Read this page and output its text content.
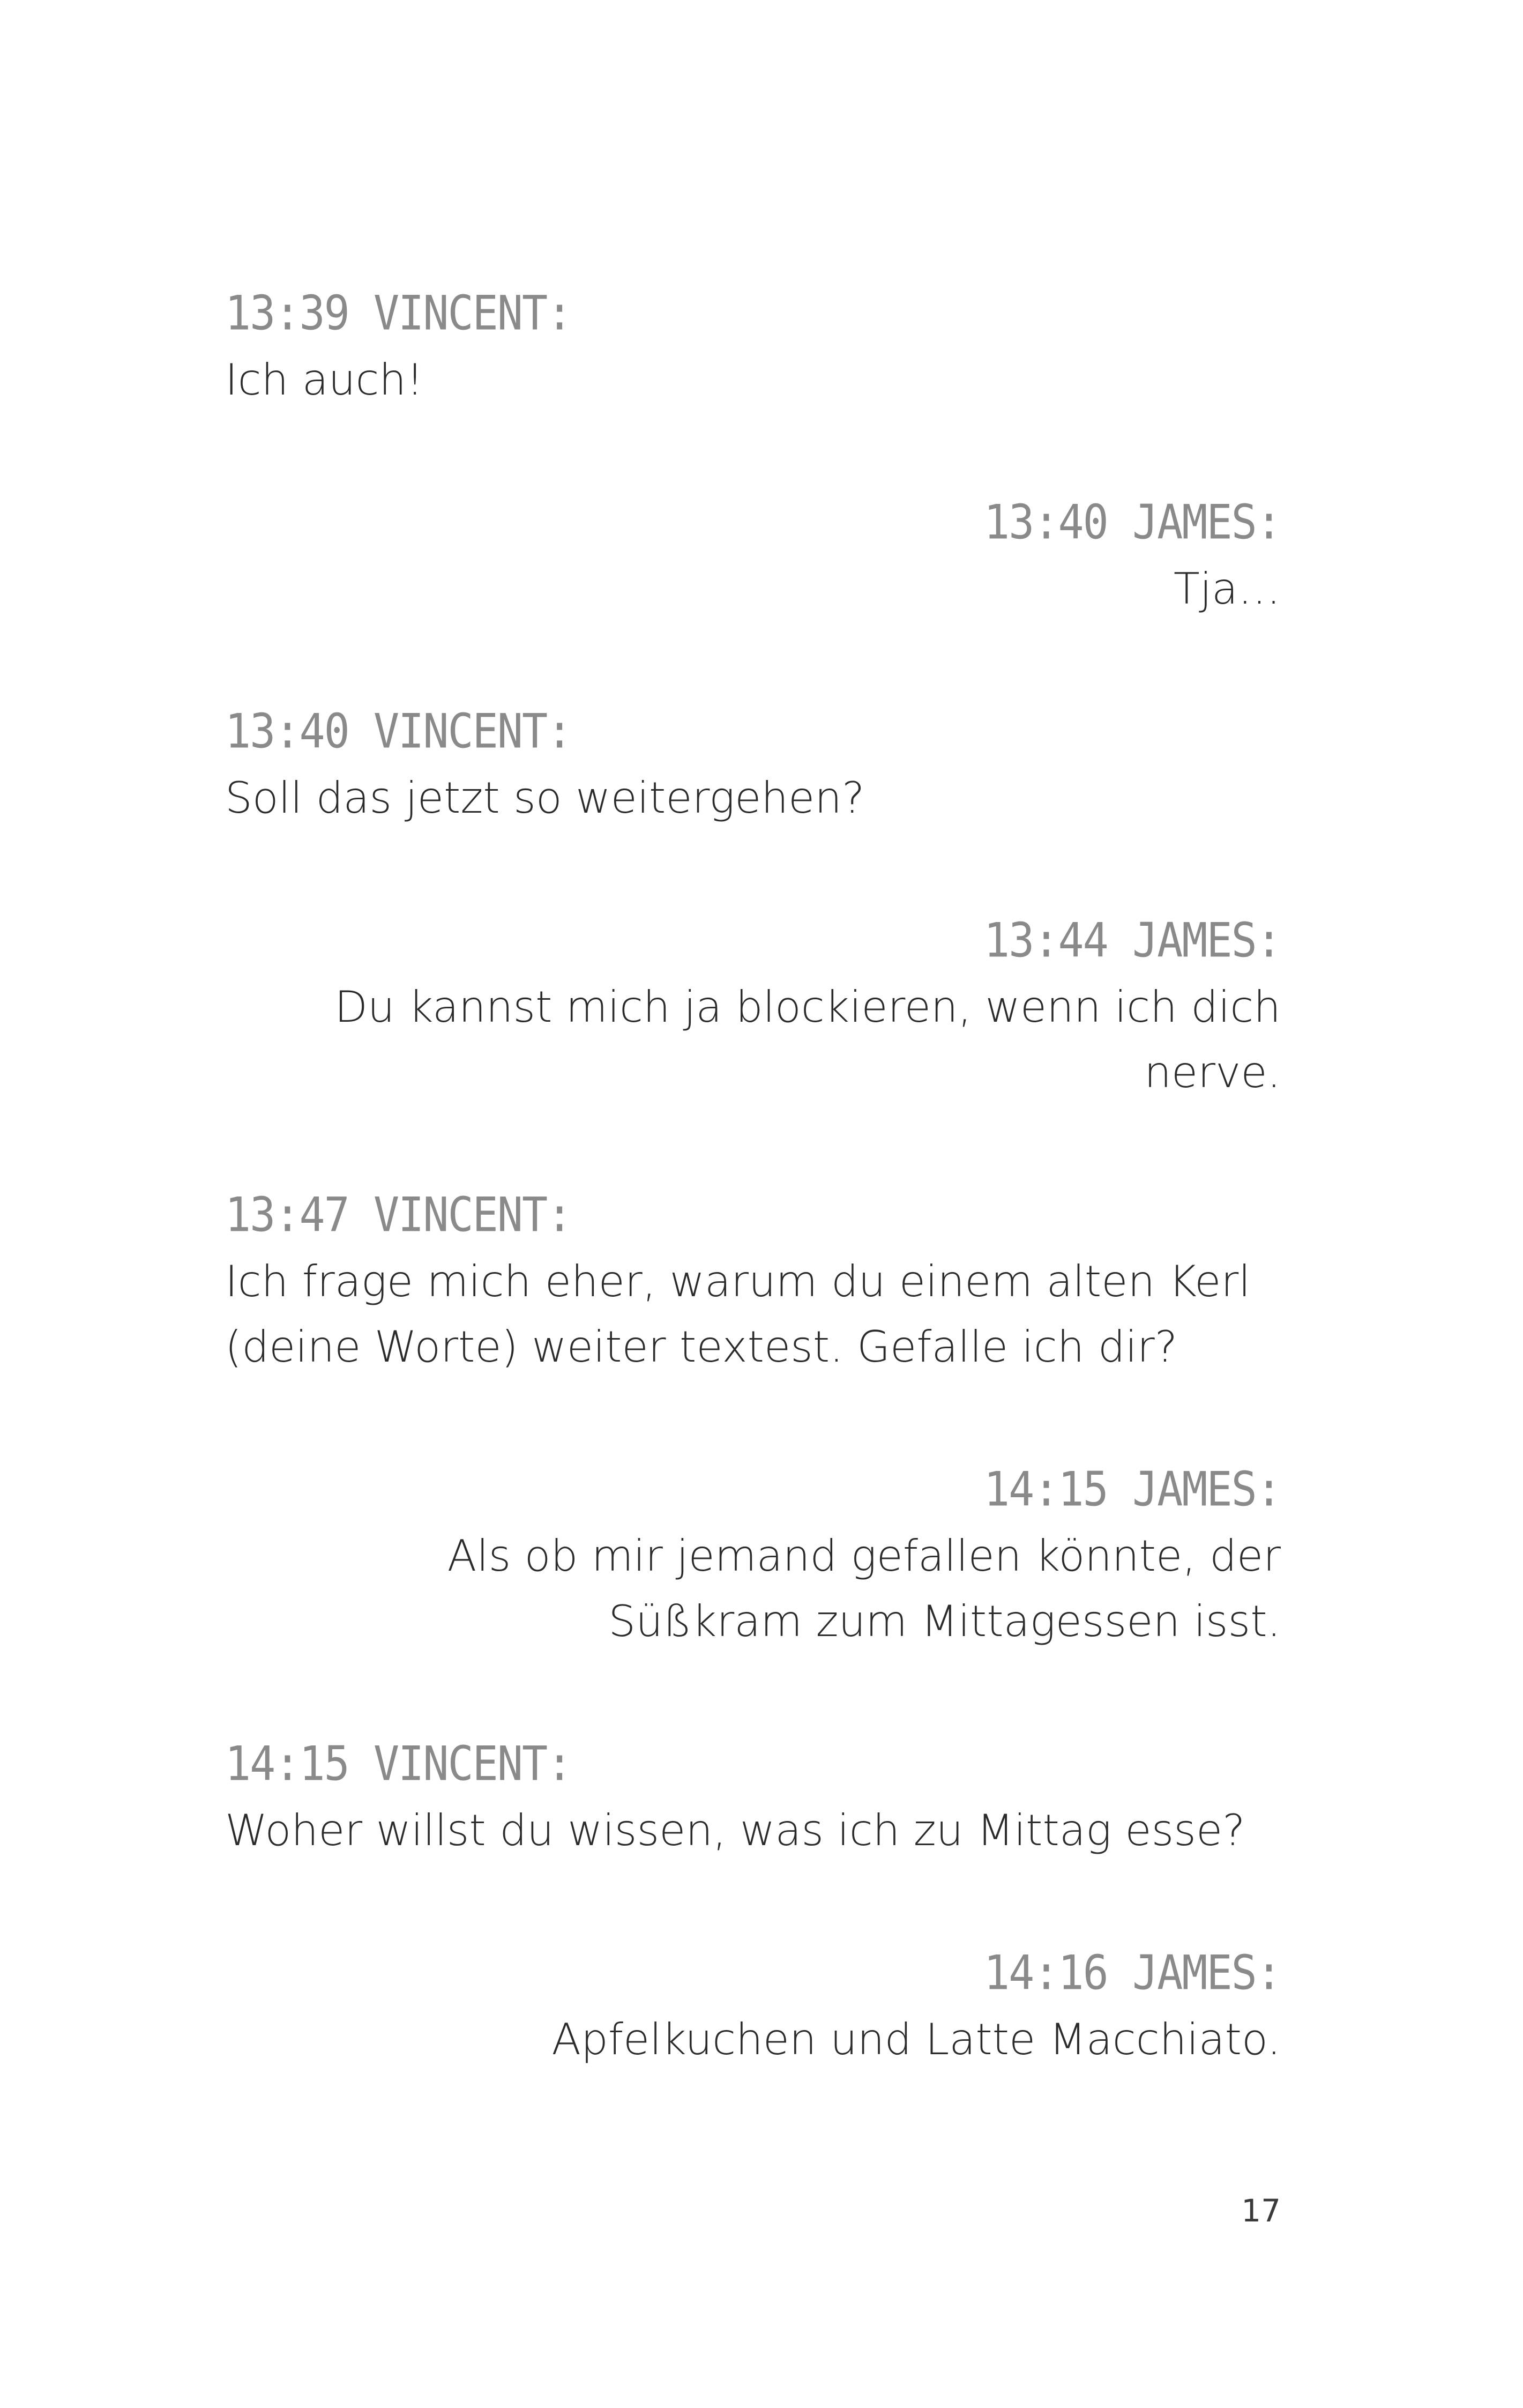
13:39 VINCENT:
Ich auch!
13:40 JAMES:
Tja…
13:40 VINCENT:
Soll das jetzt so weitergehen?
13:44 JAMES:
Du kannst mich ja blockieren, wenn ich dich nerve.
13:47 VINCENT:
Ich frage mich eher, warum du einem alten Kerl (deine Worte) weiter textest. Gefalle ich dir?
14:15 JAMES:
Als ob mir jemand gefallen könnte, der Süßkram zum Mittagessen isst.
14:15 VINCENT:
Woher willst du wissen, was ich zu Mittag esse?
14:16 JAMES:
Apfelkuchen und Latte Macchiato.
17
